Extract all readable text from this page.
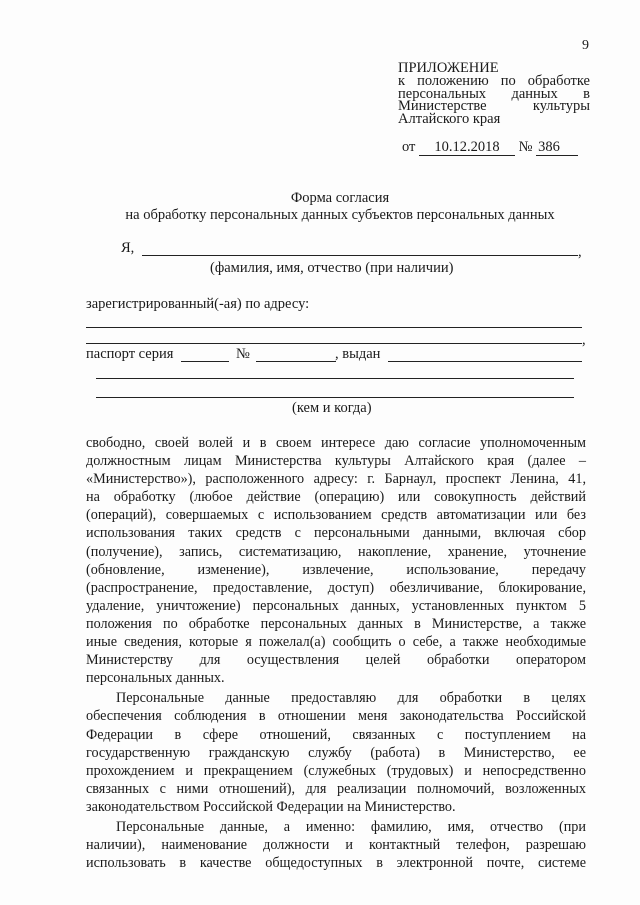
9
ПРИЛОЖЕНИЕ
к положению по обработке
персональных данных в
Министерстве культуры
Алтайского края
от 10.12.2018 № 386
Форма согласия
на обработку персональных данных субъектов персональных данных
Я,	,
(фамилия, имя, отчество (при наличии)
зарегистрированный(-ая) по адресу:
,
паспорт серия	№	, выдан
(кем и когда)

свободно, своей волей и в своем интересе даю согласие уполномоченным
должностным лицам Министерства культуры Алтайского края (далее –
«Министерство»), расположенного адресу: г. Барнаул, проспект Ленина, 41,
на обработку (любое действие (операцию) или совокупность действий
(операций), совершаемых с использованием средств автоматизации или без
использования таких средств с персональными данными, включая сбор
(получение), запись, систематизацию, накопление, хранение, уточнение
(обновление, изменение), извлечение, использование, передачу
(распространение, предоставление, доступ) обезличивание, блокирование,
удаление, уничтожение) персональных данных, установленных пунктом 5
положения по обработке персональных данных в Министерстве, а также
иные сведения, которые я пожелал(а) сообщить о себе, а также необходимые
Министерству для осуществления целей обработки оператором
персональных данных.

Персональные данные предоставляю для обработки в целях
обеспечения соблюдения в отношении меня законодательства Российской
Федерации в сфере отношений, связанных с поступлением на
государственную гражданскую службу (работа) в Министерство, ее
прохождением и прекращением (служебных (трудовых) и непосредственно
связанных с ними отношений), для реализации полномочий, возложенных
законодательством Российской Федерации на Министерство.

Персональные данные, а именно: фамилию, имя, отчество (при
наличии), наименование должности и контактный телефон, разрешаю
использовать в качестве общедоступных в электронной почте, системе
